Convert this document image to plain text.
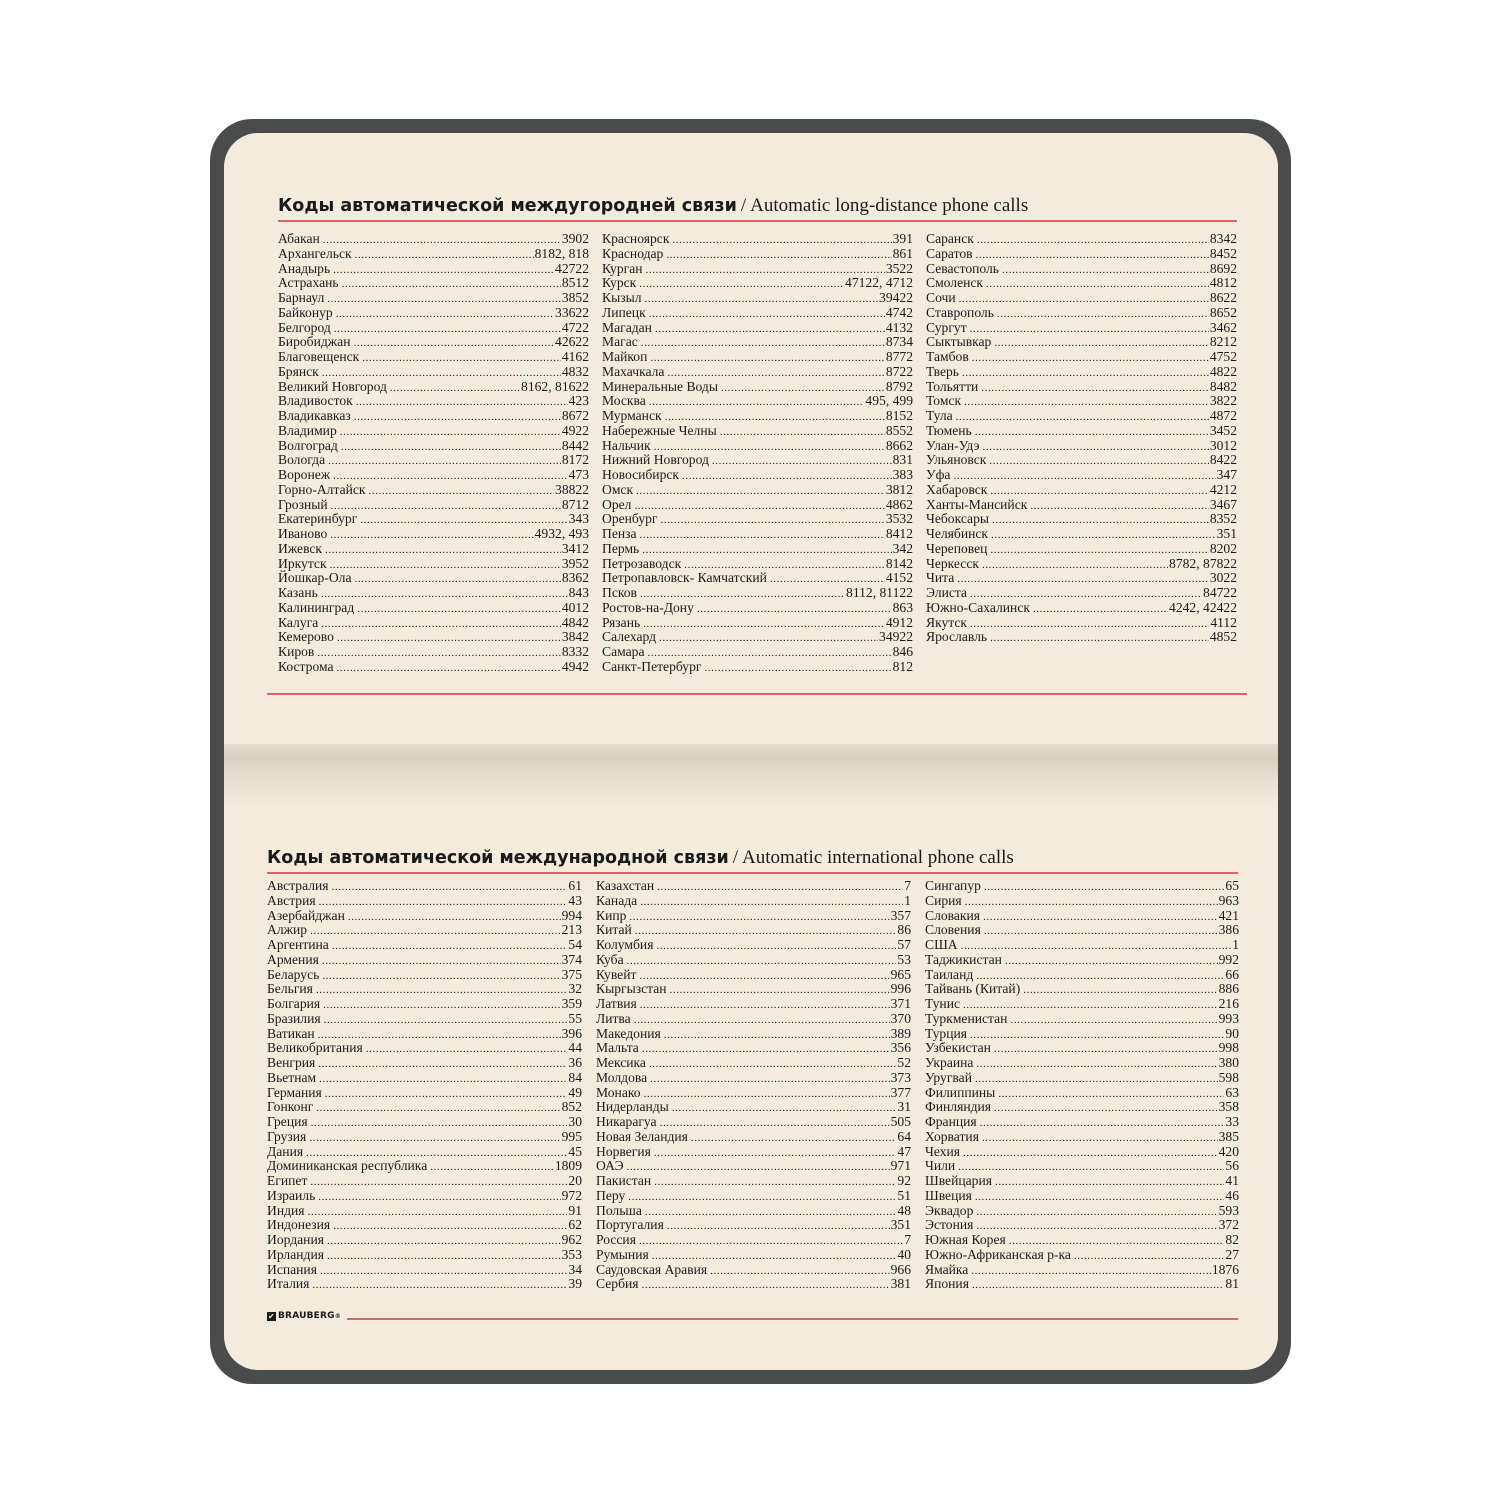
Коды автоматической междугородней связи / Automatic long-distance phone calls
Абакан .....	3902
Архангельск .....	8182, 818
Анадырь .....	42722
Астрахань .....	8512
Барнаул .....	3852
Байконур .....	33622
Белгород .....	4722
Биробиджан .....	42622
Благовещенск .....	4162
Брянск .....	4832
Великий Новгород .....	8162, 81622
Владивосток .....	423
Владикавказ .....	8672
Владимир .....	4922
Волгоград .....	8442
Вологда .....	8172
Воронеж .....	473
Горно-Алтайск .....	38822
Грозный .....	8712
Екатеринбург .....	343
Иваново .....	4932, 493
Ижевск .....	3412
Иркутск .....	3952
Йошкар-Ола .....	8362
Казань .....	843
Калининград .....	4012
Калуга .....	4842
Кемерово .....	3842
Киров .....	8332
Кострома .....	4942
Красноярск .....	391
Краснодар .....	861
Курган .....	3522
Курск .....	47122, 4712
Кызыл .....	39422
Липецк .....	4742
Магадан .....	4132
Магас .....	8734
Майкоп .....	8772
Махачкала .....	8722
Минеральные Воды .....	8792
Москва .....	495, 499
Мурманск .....	8152
Набережные Челны .....	8552
Нальчик .....	8662
Нижний Новгород .....	831
Новосибирск .....	383
Омск .....	3812
Орел .....	4862
Оренбург .....	3532
Пенза .....	8412
Пермь .....	342
Петрозаводск .....	8142
Петропавловск- Камчатский .....	4152
Псков .....	8112, 81122
Ростов-на-Дону .....	863
Рязань .....	4912
Салехард .....	34922
Самара .....	846
Санкт-Петербург .....	812
Саранск .....	8342
Саратов .....	8452
Севастополь .....	8692
Смоленск .....	4812
Сочи .....	8622
Ставрополь .....	8652
Сургут .....	3462
Сыктывкар .....	8212
Тамбов .....	4752
Тверь .....	4822
Тольятти .....	8482
Томск .....	3822
Тула .....	4872
Тюмень .....	3452
Улан-Удэ .....	3012
Ульяновск .....	8422
Уфа .....	347
Хабаровск .....	4212
Ханты-Мансийск .....	3467
Чебоксары .....	8352
Челябинск .....	351
Череповец .....	8202
Черкесск .....	8782, 87822
Чита .....	3022
Элиста .....	84722
Южно-Сахалинск .....	4242, 42422
Якутск .....	4112
Ярославль .....	4852
Коды автоматической международной связи / Automatic international phone calls
Австралия .....	61
Австрия .....	43
Азербайджан .....	994
Алжир .....	213
Аргентина .....	54
Армения .....	374
Беларусь .....	375
Бельгия .....	32
Болгария .....	359
Бразилия .....	55
Ватикан .....	396
Великобритания .....	44
Венгрия .....	36
Вьетнам .....	84
Германия .....	49
Гонконг .....	852
Греция .....	30
Грузия .....	995
Дания .....	45
Доминиканская республика .....	1809
Египет .....	20
Израиль .....	972
Индия .....	91
Индонезия .....	62
Иордания .....	962
Ирландия .....	353
Испания .....	34
Италия .....	39
Казахстан .....	7
Канада .....	1
Кипр .....	357
Китай .....	86
Колумбия .....	57
Куба .....	53
Кувейт .....	965
Кыргызстан .....	996
Латвия .....	371
Литва .....	370
Македония .....	389
Мальта .....	356
Мексика .....	52
Молдова .....	373
Монако .....	377
Нидерланды .....	31
Никарагуа .....	505
Новая Зеландия .....	64
Норвегия .....	47
ОАЭ .....	971
Пакистан .....	92
Перу .....	51
Польша .....	48
Португалия .....	351
Россия .....	7
Румыния .....	40
Саудовская Аравия .....	966
Сербия .....	381
Сингапур .....	65
Сирия .....	963
Словакия .....	421
Словения .....	386
США .....	1
Таджикистан .....	992
Таиланд .....	66
Тайвань (Китай) .....	886
Тунис .....	216
Туркменистан .....	993
Турция .....	90
Узбекистан .....	998
Украина .....	380
Уругвай .....	598
Филиппины .....	63
Финляндия .....	358
Франция .....	33
Хорватия .....	385
Чехия .....	420
Чили .....	56
Швейцария .....	41
Швеция .....	46
Эквадор .....	593
Эстония .....	372
Южная Корея .....	82
Южно-Африканская р-ка .....	27
Ямайка .....	1876
Япония .....	81
✔ BRAUBERG ®
